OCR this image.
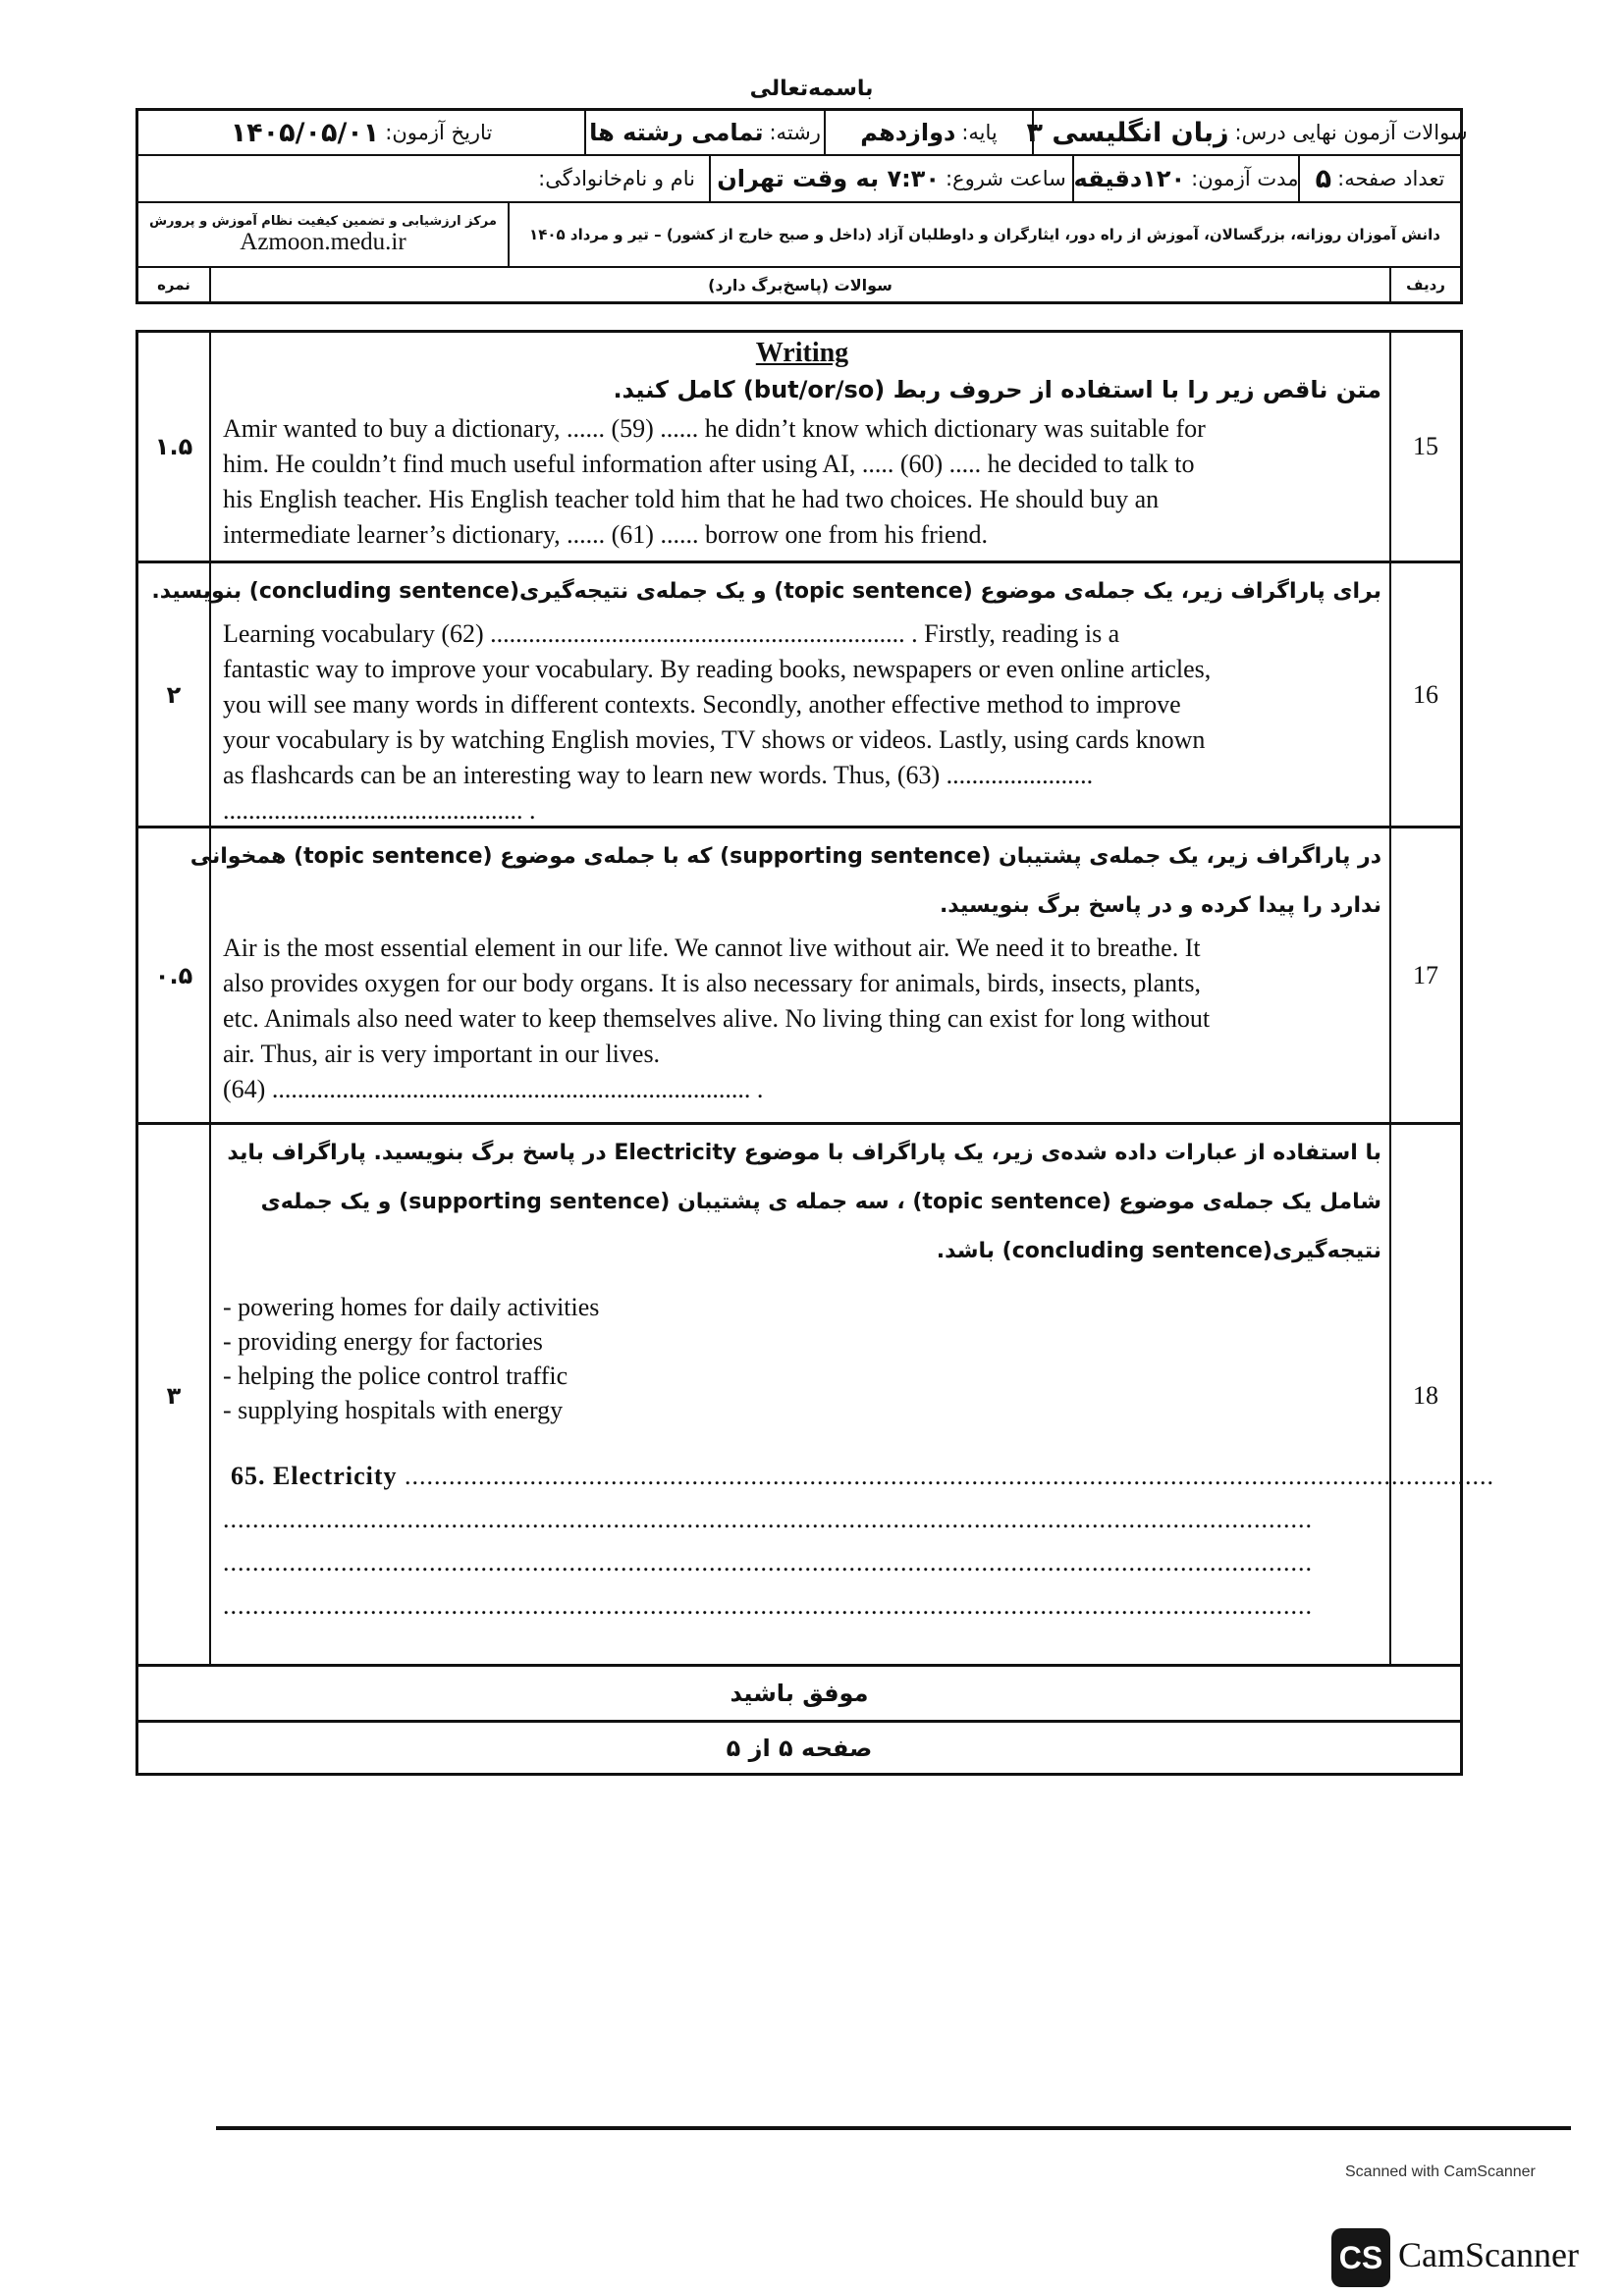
باسمه‌تعالی
سوالات آزمون نهایی درس:
زبان انگلیسی ۳
پایه:
دوازدهم
رشته:
تمامی رشته ها
تاریخ آزمون:
۱۴۰۵/۰۵/۰۱
تعداد صفحه:
۵
مدت آزمون:
۱۲۰دقیقه
ساعت شروع:
۷:۳۰ به وقت تهران
نام و نام‌خانوادگی:
دانش آموزان روزانه، بزرگسالان، آموزش از راه دور، ایثارگران و داوطلبان آزاد (داخل و صبح خارج از کشور) – تیر و مرداد ۱۴۰۵
مرکز ارزشیابی و تضمین کیفیت نظام آموزش و پرورش
Azmoon.medu.ir
ردیف
سوالات (پاسخ‌برگ دارد)
نمره
۱.۵
Writing
متن ناقص زیر را با استفاده از حروف ربط (but/or/so) کامل کنید.
Amir wanted to buy a dictionary, ...... (59) ...... he didn’t know which dictionary was suitable for
him. He couldn’t find much useful information after using AI, ..... (60) ..... he decided to talk to
his English teacher. His English teacher told him that he had two choices. He should buy an
intermediate learner’s dictionary, ...... (61) ...... borrow one from his friend.
15
۲
برای پاراگراف زیر، یک جمله‌ی موضوع (topic sentence) و یک جمله‌ی نتیجه‌گیری(concluding sentence) بنویسید.
Learning vocabulary (62) ................................................................. . Firstly, reading is a
fantastic way to improve your vocabulary. By reading books, newspapers or even online articles,
you will see many words in different contexts. Secondly, another effective method to improve
your vocabulary is by watching English movies, TV shows or videos. Lastly, using cards known
as flashcards can be an interesting way to learn new words. Thus, (63) .......................
............................................... .
16
۰.۵
در پاراگراف زیر، یک جمله‌ی پشتیبان (supporting sentence) که با جمله‌ی موضوع (topic sentence) همخوانی
ندارد را پیدا کرده و در پاسخ برگ بنویسید.
Air is the most essential element in our life. We cannot live without air. We need it to breathe. It
also provides oxygen for our body organs. It is also necessary for animals, birds, insects, plants,
etc. Animals also need water to keep themselves alive. No living thing can exist for long without
air. Thus, air is very important in our lives.
(64) ........................................................................... .
17
۳
با استفاده از عبارات داده شده‌ی زیر، یک پاراگراف با موضوع Electricity در پاسخ برگ بنویسید. پاراگراف باید
شامل یک جمله‌ی موضوع (topic sentence) ، سه جمله ی پشتیبان (supporting sentence) و یک جمله‌ی
نتیجه‌گیری(concluding sentence) باشد.
- powering homes for daily activities
- providing energy for factories
- helping the police control traffic
- supplying hospitals with energy
65. Electricity ....................................................................................................................................................
....................................................................................................................................................
....................................................................................................................................................
....................................................................................................................................................
18
موفق باشید
صفحه ۵ از ۵
Scanned with CamScanner
CS CamScanner
